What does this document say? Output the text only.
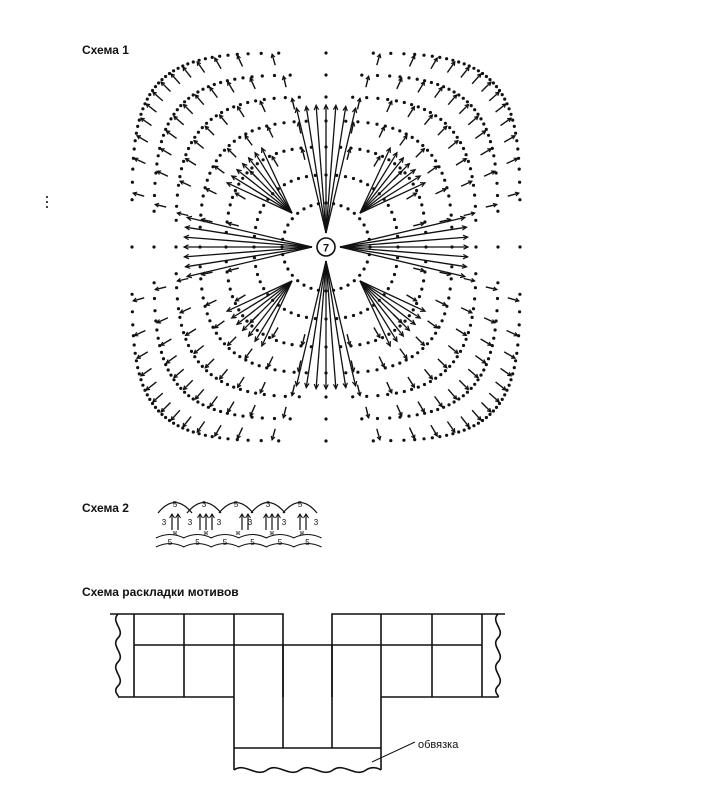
Схема 1
Схема 2
Схема раскладки мотивов
7
5	3	5	3	5
3	3	3	3	3	3
ж	ж	ж	ж	ж
5	5	5	5	5	5
обвязка
